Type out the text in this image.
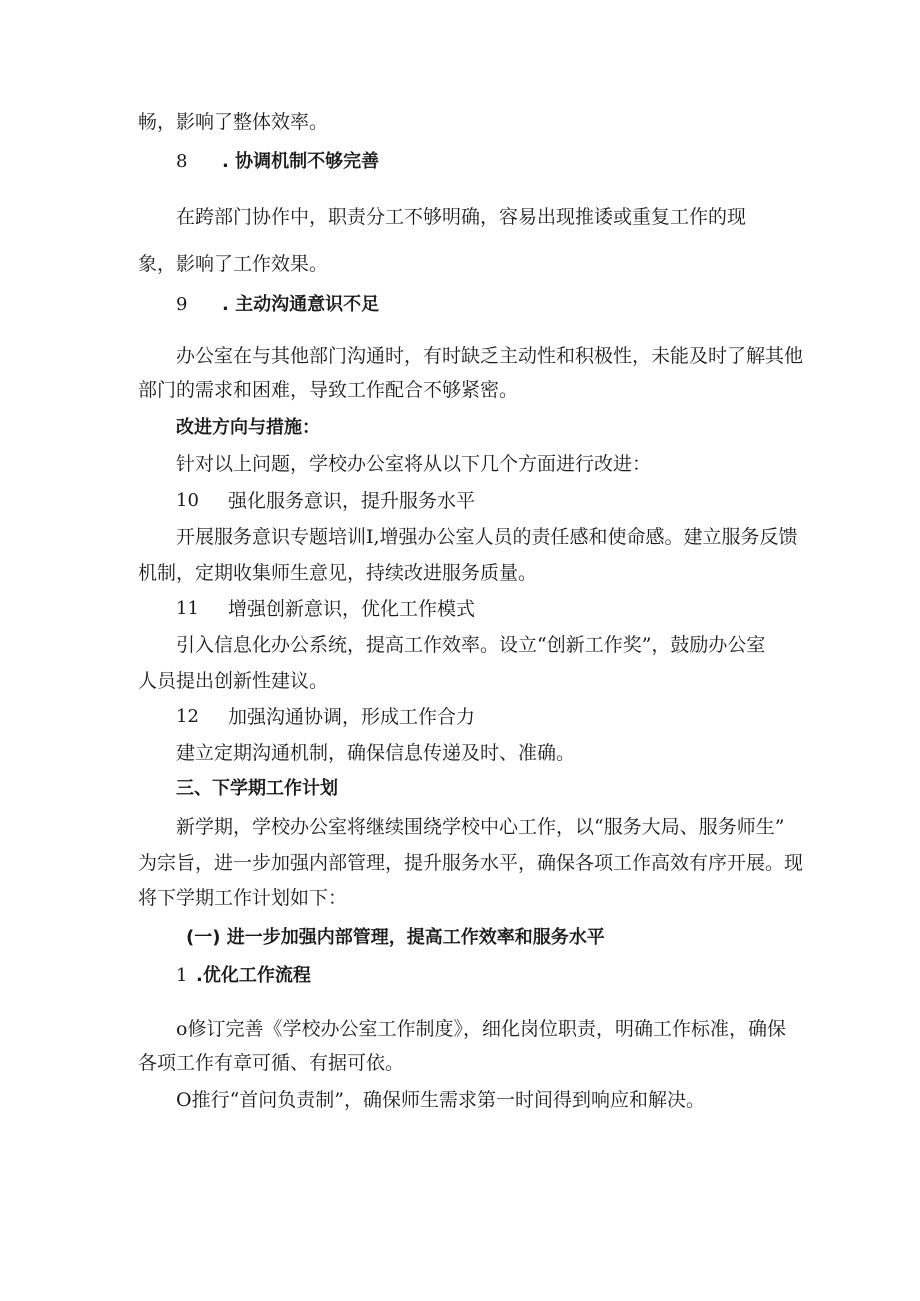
畅，影响了整体效率。
8 . 协调机制不够完善
在跨部门协作中，职责分工不够明确，容易出现推诿或重复工作的现
象，影响了工作效果。
9 . 主动沟通意识不足
办公室在与其他部门沟通时，有时缺乏主动性和积极性，未能及时了解其他
部门的需求和困难，导致工作配合不够紧密。
改进方向与措施：
针对以上问题，学校办公室将从以下几个方面进行改进：
10 强化服务意识，提升服务水平
开展服务意识专题培训I,增强办公室人员的责任感和使命感。建立服务反馈
机制，定期收集师生意见，持续改进服务质量。
11 增强创新意识，优化工作模式
引入信息化办公系统，提高工作效率。设立“创新工作奖”，鼓励办公室
人员提出创新性建议。
12 加强沟通协调，形成工作合力
建立定期沟通机制，确保信息传递及时、准确。
三、下学期工作计划
新学期，学校办公室将继续围绕学校中心工作，以“服务大局、服务师生”
为宗旨，进一步加强内部管理，提升服务水平，确保各项工作高效有序开展。现
将下学期工作计划如下：
(一) 进一步加强内部管理，提高工作效率和服务水平
1 .优化工作流程
o修订完善《学校办公室工作制度》，细化岗位职责，明确工作标准，确保
各项工作有章可循、有据可依。
O推行“首问负责制”，确保师生需求第一时间得到响应和解决。
